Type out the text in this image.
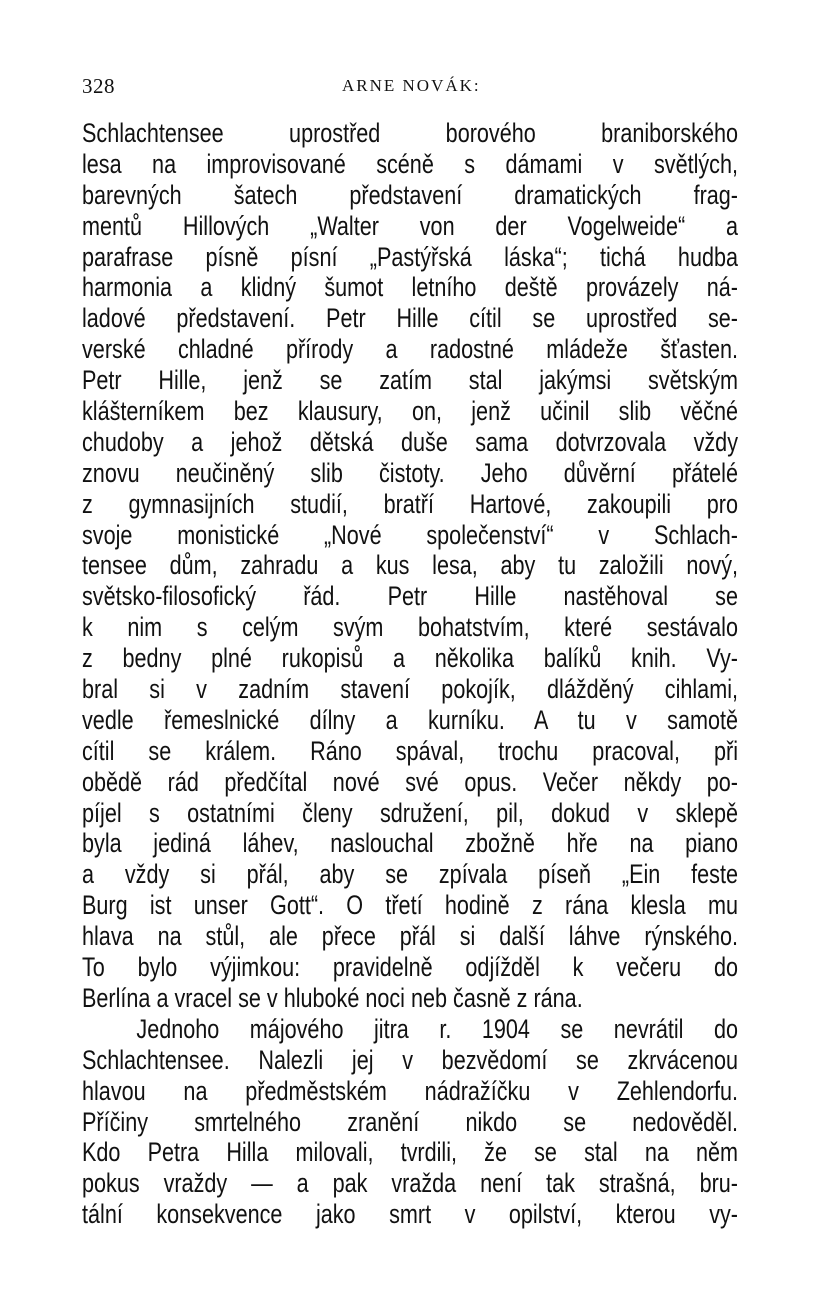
328	ARNE NOVÁK:
Schlachtensee uprostřed borového braniborského
lesa na improvisované scéně s dámami v světlých,
barevných šatech představení dramatických frag-
mentů Hillových „Walter von der Vogelweide“ a
parafrase písně písní „Pastýřská láska“; tichá hudba
harmonia a klidný šumot letního deště provázely ná-
ladové představení. Petr Hille cítil se uprostřed se-
verské chladné přírody a radostné mládeže šťasten.
Petr Hille, jenž se zatím stal jakýmsi světským
klášterníkem bez klausury, on, jenž učinil slib věčné
chudoby a jehož dětská duše sama dotvrzovala vždy
znovu neučiněný slib čistoty. Jeho důvěrní přátelé
z gymnasijních studií, bratří Hartové, zakoupili pro
svoje monistické „Nové společenství“ v Schlach-
tensee dům, zahradu a kus lesa, aby tu založili nový,
světsko-filosofický řád. Petr Hille nastěhoval se
k nim s celým svým bohatstvím, které sestávalo
z bedny plné rukopisů a několika balíků knih. Vy-
bral si v zadním stavení pokojík, dlážděný cihlami,
vedle řemeslnické dílny a kurníku. A tu v samotě
cítil se králem. Ráno spával, trochu pracoval, při
obědě rád předčítal nové své opus. Večer někdy po-
píjel s ostatními členy sdružení, pil, dokud v sklepě
byla jediná láhev, naslouchal zbožně hře na piano
a vždy si přál, aby se zpívala píseň „Ein feste
Burg ist unser Gott“. O třetí hodině z rána klesla mu
hlava na stůl, ale přece přál si další láhve rýnského.
To bylo výjimkou: pravidelně odjížděl k večeru do
Berlína a vracel se v hluboké noci neb časně z rána.
Jednoho májového jitra r. 1904 se nevrátil do
Schlachtensee. Nalezli jej v bezvědomí se zkrvácenou
hlavou na předměstském nádražíčku v Zehlendorfu.
Příčiny smrtelného zranění nikdo se nedověděl.
Kdo Petra Hilla milovali, tvrdili, že se stal na něm
pokus vraždy — a pak vražda není tak strašná, bru-
tální konsekvence jako smrt v opilství, kterou vy-
